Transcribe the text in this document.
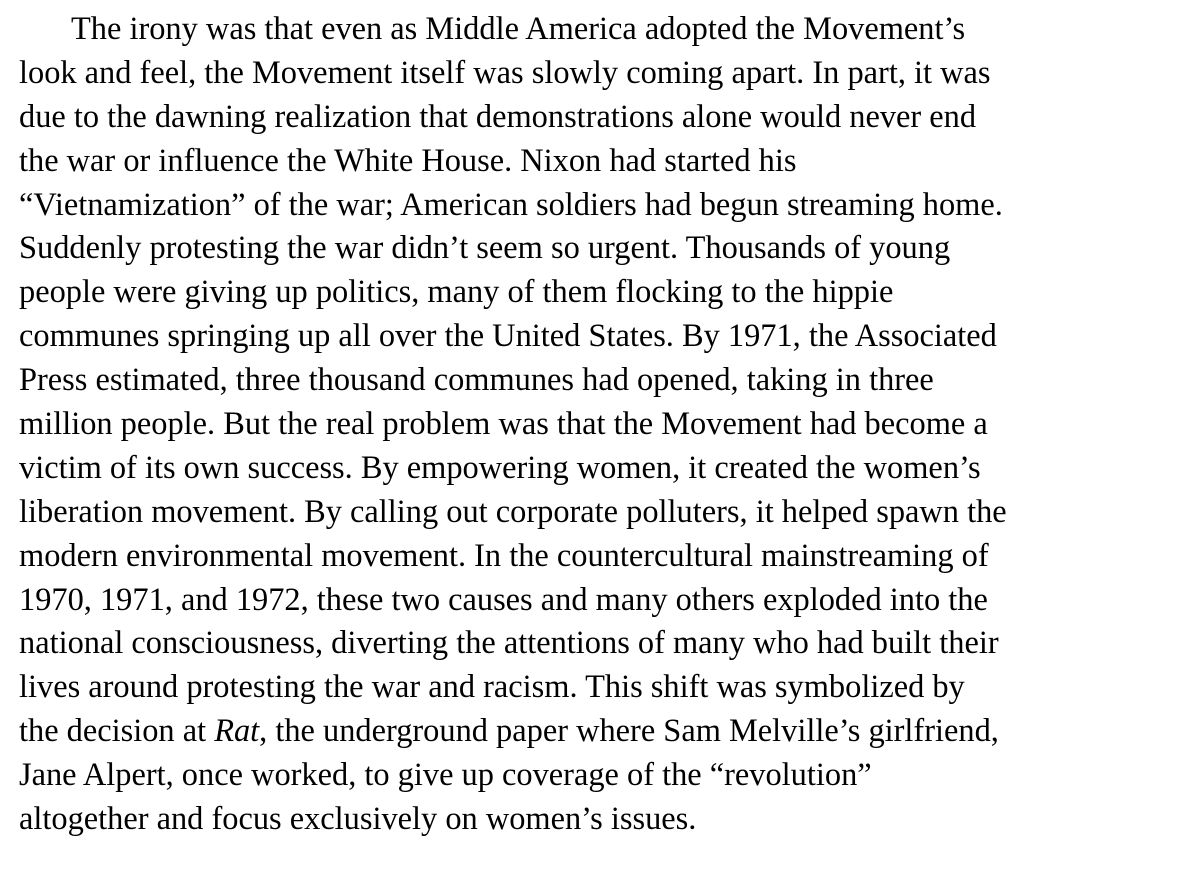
The irony was that even as Middle America adopted the Movement’s
look and feel, the Movement itself was slowly coming apart. In part, it was
due to the dawning realization that demonstrations alone would never end
the war or influence the White House. Nixon had started his
“Vietnamization” of the war; American soldiers had begun streaming home.
Suddenly protesting the war didn’t seem so urgent. Thousands of young
people were giving up politics, many of them flocking to the hippie
communes springing up all over the United States. By 1971, the Associated
Press estimated, three thousand communes had opened, taking in three
million people. But the real problem was that the Movement had become a
victim of its own success. By empowering women, it created the women’s
liberation movement. By calling out corporate polluters, it helped spawn the
modern environmental movement. In the countercultural mainstreaming of
1970, 1971, and 1972, these two causes and many others exploded into the
national consciousness, diverting the attentions of many who had built their
lives around protesting the war and racism. This shift was symbolized by
the decision at Rat, the underground paper where Sam Melville’s girlfriend,
Jane Alpert, once worked, to give up coverage of the “revolution”
altogether and focus exclusively on women’s issues.
